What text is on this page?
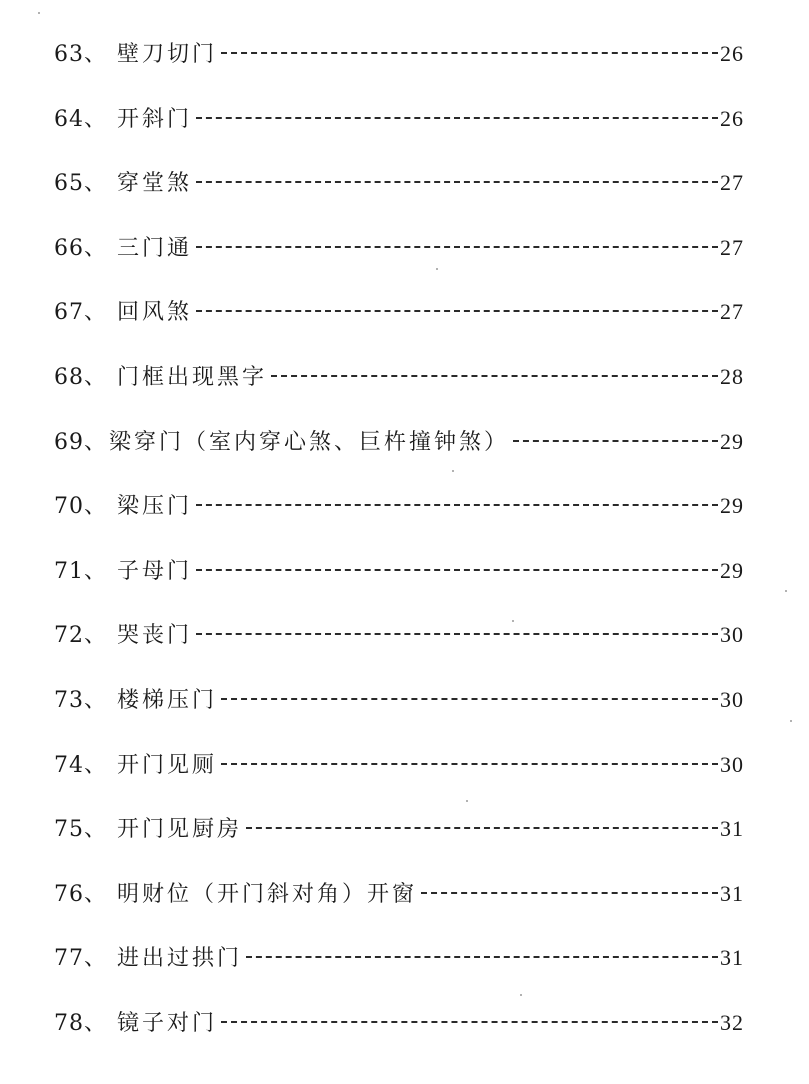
63、 壁刀切门	26
64、 开斜门	26
65、 穿堂煞	27
66、 三门通	27
67、 回风煞	27
68、 门框出现黑字	28
69、 梁穿门（室内穿心煞、巨杵撞钟煞）	29
70、 梁压门	29
71、 子母门	29
72、 哭丧门	30
73、 楼梯压门	30
74、 开门见厕	30
75、 开门见厨房	31
76、 明财位（开门斜对角）开窗	31
77、 进出过拱门	31
78、 镜子对门	32
